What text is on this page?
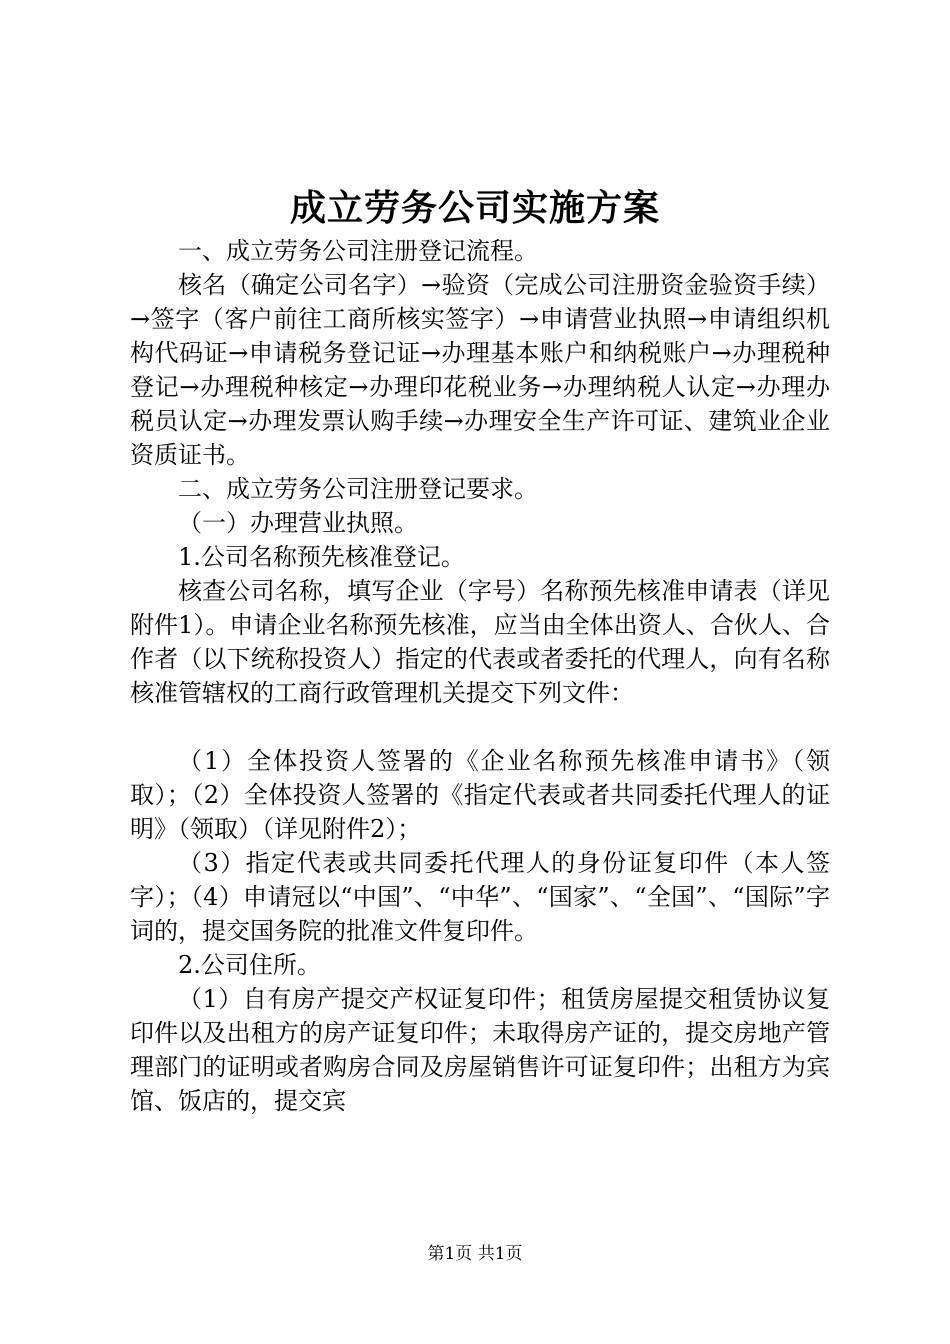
成立劳务公司实施方案

一、成立劳务公司注册登记流程。

核名（确定公司名字）→验资（完成公司注册资金验资手续）→签字（客户前往工商所核实签字）→申请营业执照→申请组织机构代码证→申请税务登记证→办理基本账户和纳税账户→办理税种登记→办理税种核定→办理印花税业务→办理纳税人认定→办理办税员认定→办理发票认购手续→办理安全生产许可证、建筑业企业资质证书。

二、成立劳务公司注册登记要求。

（一）办理营业执照。

1.公司名称预先核准登记。

核查公司名称，填写企业（字号）名称预先核准申请表（详见附件1）。申请企业名称预先核准，应当由全体出资人、合伙人、合作者（以下统称投资人）指定的代表或者委托的代理人，向有名称核准管辖权的工商行政管理机关提交下列文件：

（1）全体投资人签署的《企业名称预先核准申请书》（领取）；（2）全体投资人签署的《指定代表或者共同委托代理人的证明》（领取）（详见附件2）；

（3）指定代表或共同委托代理人的身份证复印件（本人签字）；（4）申请冠以“中国”、“中华”、“国家”、“全国”、“国际”字词的，提交国务院的批准文件复印件。

2.公司住所。

（1）自有房产提交产权证复印件；租赁房屋提交租赁协议复印件以及出租方的房产证复印件；未取得房产证的，提交房地产管理部门的证明或者购房合同及房屋销售许可证复印件；出租方为宾馆、饭店的，提交宾

第1页 共1页
